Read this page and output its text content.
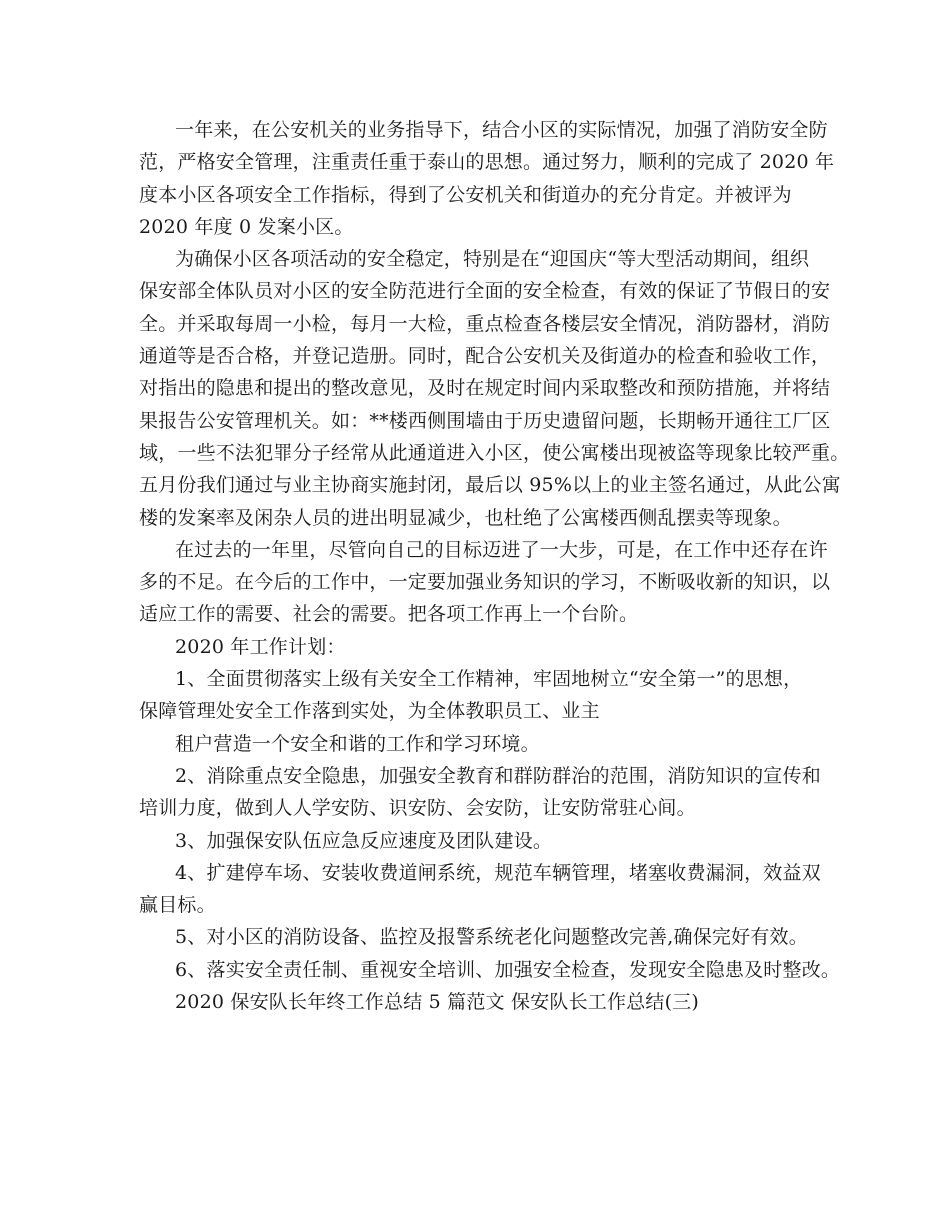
一年来，在公安机关的业务指导下，结合小区的实际情况，加强了消防安全防
范，严格安全管理，注重责任重于泰山的思想。通过努力，顺利的完成了 2020 年
度本小区各项安全工作指标，得到了公安机关和街道办的充分肯定。并被评为
2020 年度 0 发案小区。

为确保小区各项活动的安全稳定，特别是在“迎国庆“等大型活动期间，组织
保安部全体队员对小区的安全防范进行全面的安全检查，有效的保证了节假日的安
全。并采取每周一小检，每月一大检，重点检查各楼层安全情况，消防器材，消防
通道等是否合格，并登记造册。同时，配合公安机关及街道办的检查和验收工作，
对指出的隐患和提出的整改意见，及时在规定时间内采取整改和预防措施，并将结
果报告公安管理机关。如：**楼西侧围墙由于历史遗留问题，长期畅开通往工厂区
域，一些不法犯罪分子经常从此通道进入小区，使公寓楼出现被盗等现象比较严重。
五月份我们通过与业主协商实施封闭，最后以 95%以上的业主签名通过，从此公寓
楼的发案率及闲杂人员的进出明显减少，也杜绝了公寓楼西侧乱摆卖等现象。

在过去的一年里，尽管向自己的目标迈进了一大步，可是，在工作中还存在许
多的不足。在今后的工作中，一定要加强业务知识的学习，不断吸收新的知识，以
适应工作的需要、社会的需要。把各项工作再上一个台阶。

2020 年工作计划：

1、全面贯彻落实上级有关安全工作精神，牢固地树立“安全第一”的思想，
保障管理处安全工作落到实处，为全体教职员工、业主

租户营造一个安全和谐的工作和学习环境。

2、消除重点安全隐患，加强安全教育和群防群治的范围，消防知识的宣传和
培训力度，做到人人学安防、识安防、会安防，让安防常驻心间。

3、加强保安队伍应急反应速度及团队建设。

4、扩建停车场、安装收费道闸系统，规范车辆管理，堵塞收费漏洞，效益双
赢目标。

5、对小区的消防设备、监控及报警系统老化问题整改完善,确保完好有效。

6、落实安全责任制、重视安全培训、加强安全检查，发现安全隐患及时整改。

2020 保安队长年终工作总结 5 篇范文 保安队长工作总结(三)
